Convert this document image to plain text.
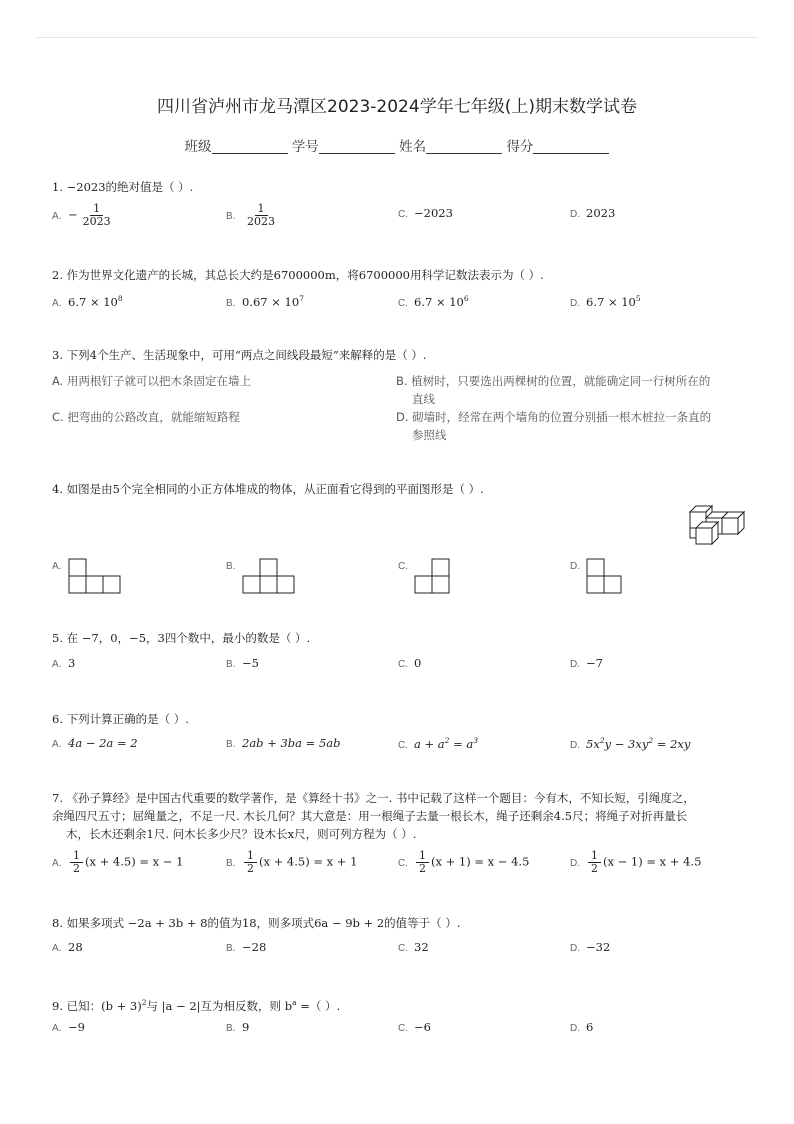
四川省泸州市龙马潭区2023-2024学年七年级(上)期末数学试卷
班级	学号	姓名	得分
1. −2023的绝对值是（ ）.
A. − $\frac{1}{2023}$	B. $\frac{1}{2023}$	C. −2023	D. 2023
2. 作为世界文化遗产的长城，其总长大约是6700000m，将6700000用科学记数法表示为（ ）.
A. $6.7 \times 10^8$	B. $0.67 \times 10^7$	C. $6.7 \times 10^6$	D. $6.7 \times 10^5$
3. 下列4个生产、生活现象中，可用“两点之间线段最短”来解释的是（ ）.
A. 用两根钉子就可以把木条固定在墙上	B. 植树时，只要选出两棵树的位置，就能确定同一行树所在的
直线
C. 把弯曲的公路改直，就能缩短路程	D. 砌墙时，经常在两个墙角的位置分别插一根木桩拉一条直的
参照线
4. 如图是由5个完全相同的小正方体堆成的物体，从正面看它得到的平面图形是（ ）.
A.	B.	C.	D.
5. 在 −7，0，−5，3四个数中，最小的数是（ ）.
A. 3	B. −5	C. 0	D. −7
6. 下列计算正确的是（ ）.
A. 4a − 2a = 2	B. 2ab + 3ba = 5ab	C. $a + a^2 = a^3$	D. $5x^2y - 3xy^2 = 2xy$
7. 《孙子算经》是中国古代重要的数学著作，是《算经十书》之一. 书中记载了这样一个题目：今有木，不知长短，引绳度之，
余绳四尺五寸；屈绳量之，不足一尺. 木长几何？其大意是：用一根绳子去量一根长木，绳子还剩余4.5尺；将绳子对折再量长
木，长木还剩余1尺. 问木长多少尺？设木长x尺，则可列方程为（ ）.
A. $\frac{1}{2} (x + 4.5) = x - 1$	B. $\frac{1}{2} (x + 4.5) = x + 1$	C. $\frac{1}{2} (x + 1) = x - 4.5$	D. $\frac{1}{2} (x - 1) = x + 4.5$
8. 如果多项式 −2a + 3b + 8的值为18，则多项式6a − 9b + 2的值等于（ ）.
A. 28	B. −28	C. 32	D. −32
9. 已知：$(b + 3)^2$与 |a − 2|互为相反数，则 $b^a$ =（ ）.
A. −9	B. 9	C. −6	D. 6
